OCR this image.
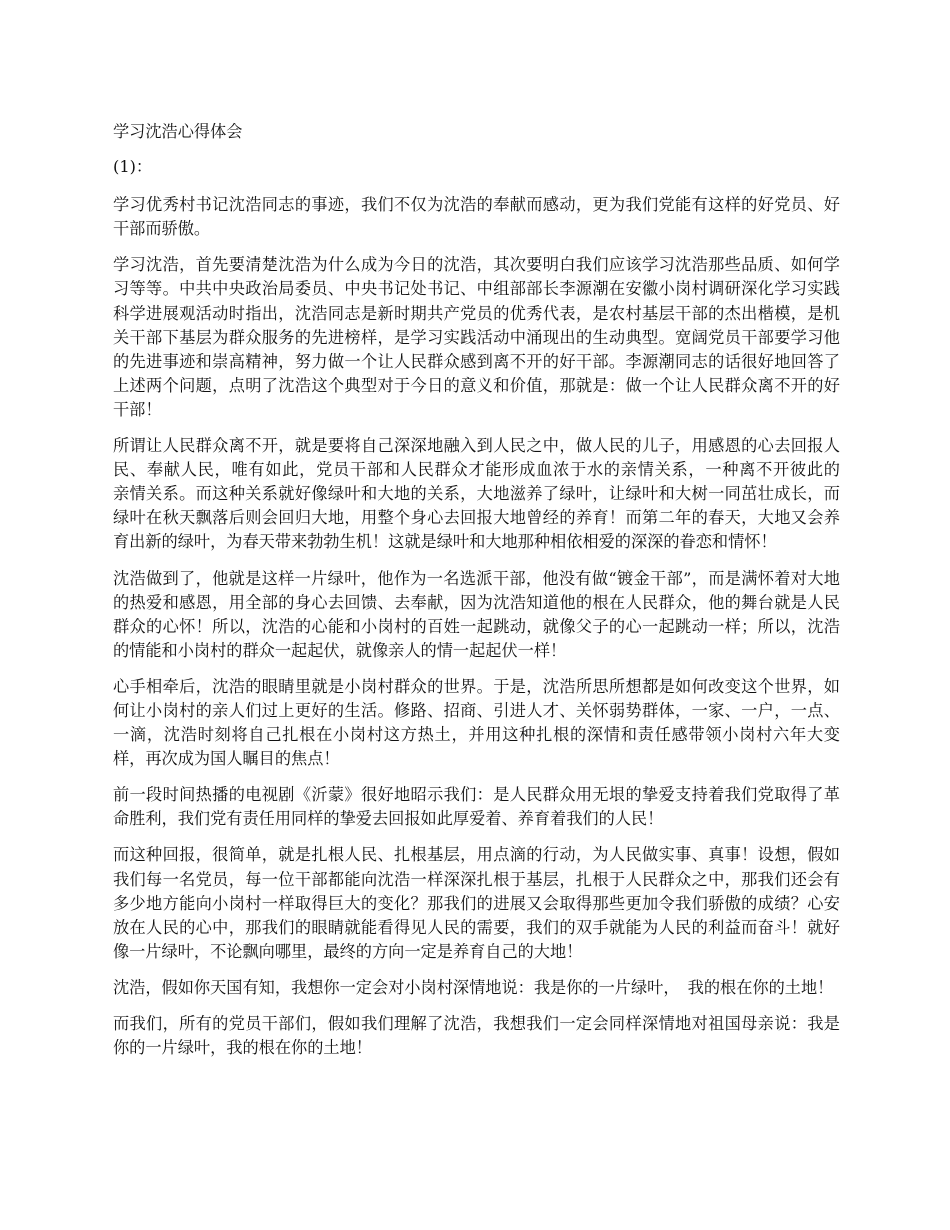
学习沈浩心得体会

(1)：

学习优秀村书记沈浩同志的事迹，我们不仅为沈浩的奉献而感动，更为我们党能有这样的好党员、好干部而骄傲。

学习沈浩，首先要清楚沈浩为什么成为今日的沈浩，其次要明白我们应该学习沈浩那些品质、如何学习等等。中共中央政治局委员、中央书记处书记、中组部部长李源潮在安徽小岗村调研深化学习实践科学进展观活动时指出，沈浩同志是新时期共产党员的优秀代表，是农村基层干部的杰出楷模，是机关干部下基层为群众服务的先进榜样，是学习实践活动中涌现出的生动典型。宽阔党员干部要学习他的先进事迹和崇高精神，努力做一个让人民群众感到离不开的好干部。李源潮同志的话很好地回答了上述两个问题，点明了沈浩这个典型对于今日的意义和价值，那就是：做一个让人民群众离不开的好干部！

所谓让人民群众离不开，就是要将自己深深地融入到人民之中，做人民的儿子，用感恩的心去回报人民、奉献人民，唯有如此，党员干部和人民群众才能形成血浓于水的亲情关系，一种离不开彼此的　亲情关系。而这种关系就好像绿叶和大地的关系，大地滋养了绿叶，让绿叶和大树一同茁壮成长，而绿叶在秋天飘落后则会回归大地，用整个身心去回报大地曾经的养育！而第二年的春天，大地又会养育出新的绿叶，为春天带来勃勃生机！这就是绿叶和大地那种相依相爱的深深的眷恋和情怀！

沈浩做到了，他就是这样一片绿叶，他作为一名选派干部，他没有做“镀金干部”，而是满怀着对大地的热爱和感恩，用全部的身心去回馈、去奉献，因为沈浩知道他的根在人民群众，他的舞台就是人民群众的心怀！所以，沈浩的心能和小岗村的百姓一起跳动，就像父子的心一起跳动一样；所以，沈浩的情能和小岗村的群众一起起伏，就像亲人的情一起起伏一样！

心手相牵后，沈浩的眼睛里就是小岗村群众的世界。于是，沈浩所思所想都是如何改变这个世界，如何让小岗村的亲人们过上更好的生活。修路、招商、引进人才、关怀弱势群体，一家、一户，一点、一滴，沈浩时刻将自己扎根在小岗村这方热土，并用这种扎根的深情和责任感带领小岗村六年大变样，再次成为国人瞩目的焦点！

前一段时间热播的电视剧《沂蒙》很好地昭示我们：是人民群众用无垠的挚爱支持着我们党取得了革命胜利，我们党有责任用同样的挚爱去回报如此厚爱着、养育着我们的人民！

而这种回报，很简单，就是扎根人民、扎根基层，用点滴的行动，为人民做实事、真事！设想，假如我们每一名党员，每一位干部都能向沈浩一样深深扎根于基层，扎根于人民群众之中，那我们还会有多少地方能向小岗村一样取得巨大的变化？那我们的进展又会取得那些更加令我们骄傲的成绩？心安放在人民的心中，那我们的眼睛就能看得见人民的需要，我们的双手就能为人民的利益而奋斗！就好像一片绿叶，不论飘向哪里，最终的方向一定是养育自己的大地！

沈浩，假如你天国有知，我想你一定会对小岗村深情地说：我是你的一片绿叶，　我的根在你的土地！

而我们，所有的党员干部们，假如我们理解了沈浩，我想我们一定会同样深情地对祖国母亲说：我是你的一片绿叶，我的根在你的土地！
